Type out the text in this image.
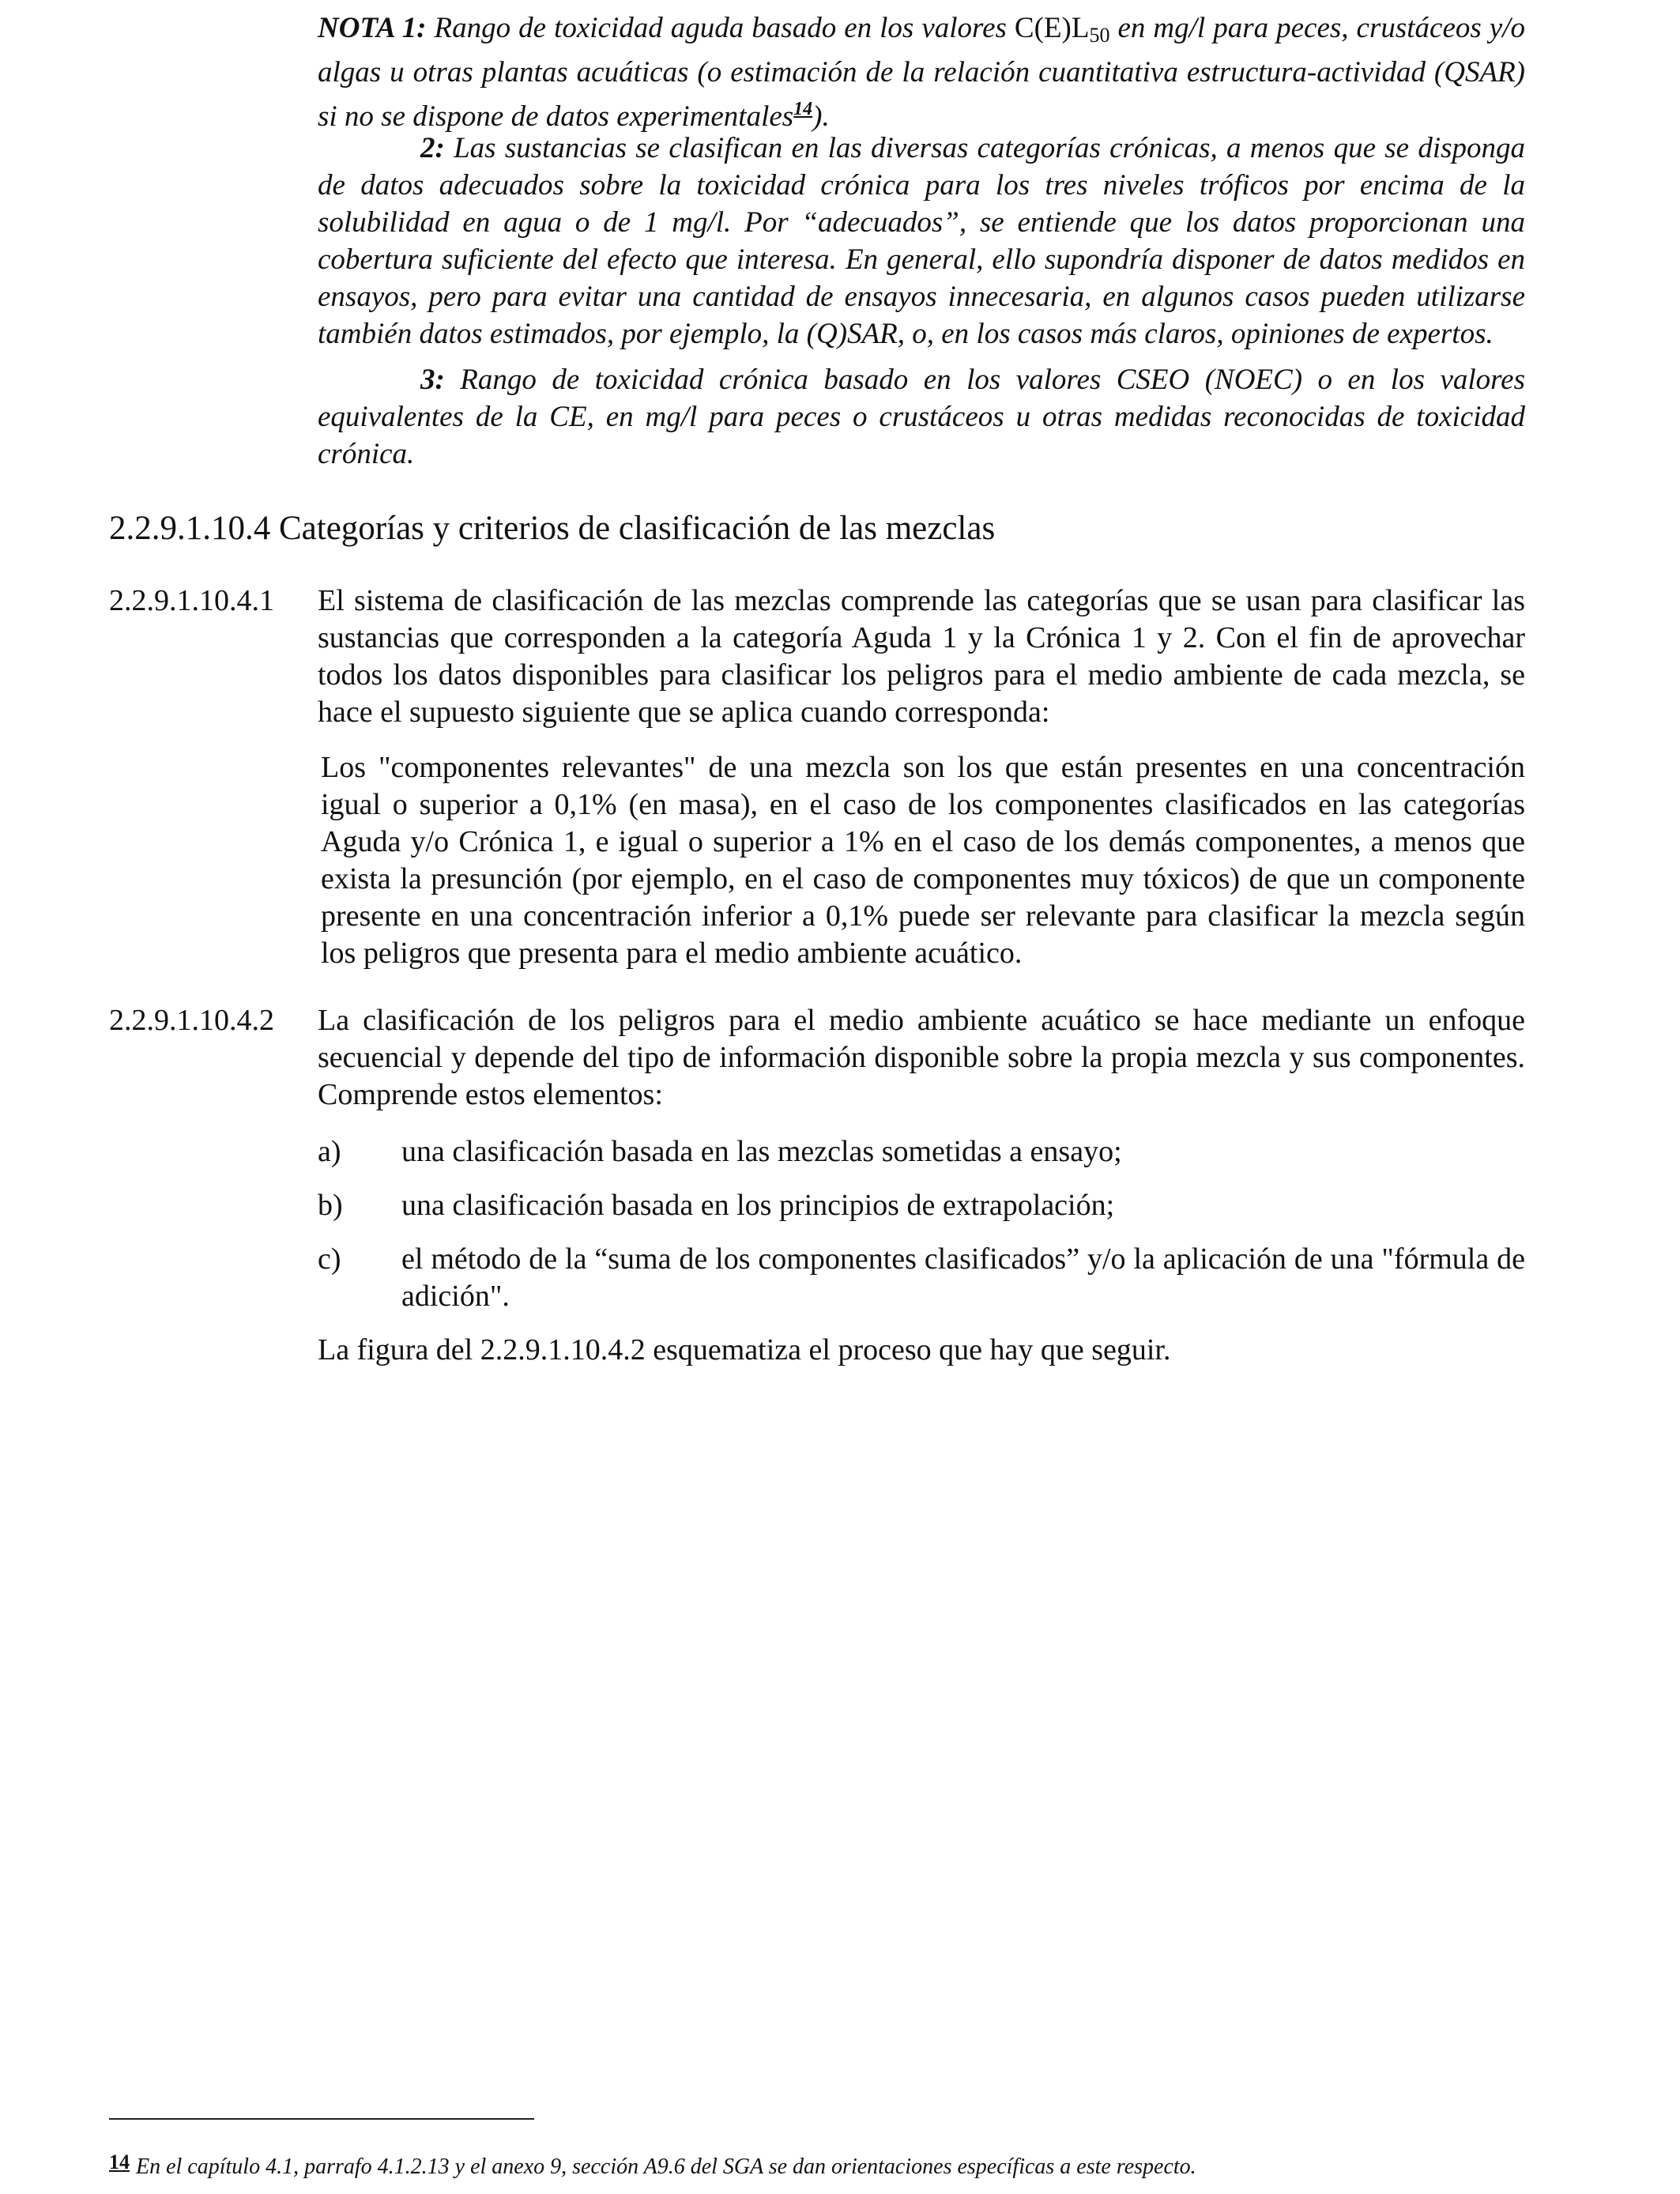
NOTA 1: Rango de toxicidad aguda basado en los valores $C(E)L_{50}$ en mg/l para peces, crustáceos y/o algas u otras plantas acuáticas (o estimación de la relación cuantitativa estructura-actividad (QSAR) si no se dispone de datos experimentales$^{14}$).

2: Las sustancias se clasifican en las diversas categorías crónicas, a menos que se disponga de datos adecuados sobre la toxicidad crónica para los tres niveles tróficos por encima de la solubilidad en agua o de 1 mg/l. Por “adecuados”, se entiende que los datos proporcionan una cobertura suficiente del efecto que interesa. En general, ello supondría disponer de datos medidos en ensayos, pero para evitar una cantidad de ensayos innecesaria, en algunos casos pueden utilizarse también datos estimados, por ejemplo, la (Q)SAR, o, en los casos más claros, opiniones de expertos.

3: Rango de toxicidad crónica basado en los valores CSEO (NOEC) o en los valores equivalentes de la CE, en mg/l para peces o crustáceos u otras medidas reconocidas de toxicidad crónica.

2.2.9.1.10.4 Categorías y criterios de clasificación de las mezclas

2.2.9.1.10.4.1 El sistema de clasificación de las mezclas comprende las categorías que se usan para clasificar las sustancias que corresponden a la categoría Aguda 1 y la Crónica 1 y 2. Con el fin de aprovechar todos los datos disponibles para clasificar los peligros para el medio ambiente de cada mezcla, se hace el supuesto siguiente que se aplica cuando corresponda:

Los "componentes relevantes" de una mezcla son los que están presentes en una concentración igual o superior a 0,1% (en masa), en el caso de los componentes clasificados en las categorías Aguda y/o Crónica 1, e igual o superior a 1% en el caso de los demás componentes, a menos que exista la presunción (por ejemplo, en el caso de componentes muy tóxicos) de que un componente presente en una concentración inferior a 0,1% puede ser relevante para clasificar la mezcla según los peligros que presenta para el medio ambiente acuático.

2.2.9.1.10.4.2 La clasificación de los peligros para el medio ambiente acuático se hace mediante un enfoque secuencial y depende del tipo de información disponible sobre la propia mezcla y sus componentes. Comprende estos elementos:

a) una clasificación basada en las mezclas sometidas a ensayo;

b) una clasificación basada en los principios de extrapolación;

c) el método de la “suma de los componentes clasificados” y/o la aplicación de una "fórmula de adición".

La figura del 2.2.9.1.10.4.2 esquematiza el proceso que hay que seguir.

14 En el capítulo 4.1, parrafo 4.1.2.13 y el anexo 9, sección A9.6 del SGA se dan orientaciones específicas a este respecto.
